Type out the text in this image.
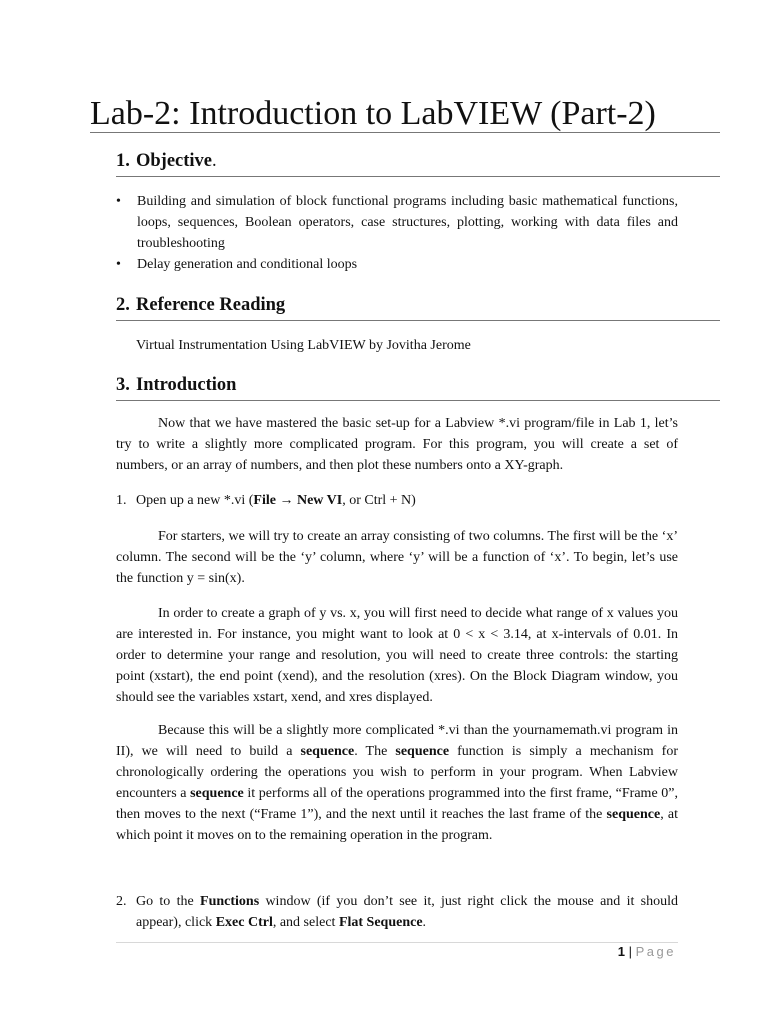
Lab-2: Introduction to LabVIEW (Part-2)
1. Objective.
• Building and simulation of block functional programs including basic mathematical functions, loops, sequences, Boolean operators, case structures, plotting, working with data files and troubleshooting
• Delay generation and conditional loops
2. Reference Reading

Virtual Instrumentation Using LabVIEW by Jovitha Jerome

3. Introduction

Now that we have mastered the basic set-up for a Labview *.vi program/file in Lab 1, let’s try to write a slightly more complicated program. For this program, you will create a set of numbers, or an array of numbers, and then plot these numbers onto a XY-graph.

1. Open up a new *.vi (File → New VI, or Ctrl + N)

For starters, we will try to create an array consisting of two columns. The first will be the ‘x’ column. The second will be the ‘y’ column, where ‘y’ will be a function of ‘x’. To begin, let’s use the function y = sin(x).

In order to create a graph of y vs. x, you will first need to decide what range of x values you are interested in. For instance, you might want to look at 0 < x < 3.14, at x-intervals of 0.01. In order to determine your range and resolution, you will need to create three controls: the starting point (xstart), the end point (xend), and the resolution (xres). On the Block Diagram window, you should see the variables xstart, xend, and xres displayed.

Because this will be a slightly more complicated *.vi than the yournamemath.vi program in II), we will need to build a sequence. The sequence function is simply a mechanism for chronologically ordering the operations you wish to perform in your program. When Labview encounters a sequence it performs all of the operations programmed into the first frame, “Frame 0”, then moves to the next (“Frame 1”), and the next until it reaches the last frame of the sequence, at which point it moves on to the remaining operation in the program.

2. Go to the Functions window (if you don’t see it, just right click the mouse and it should appear), click Exec Ctrl, and select Flat Sequence.
1 | Page
